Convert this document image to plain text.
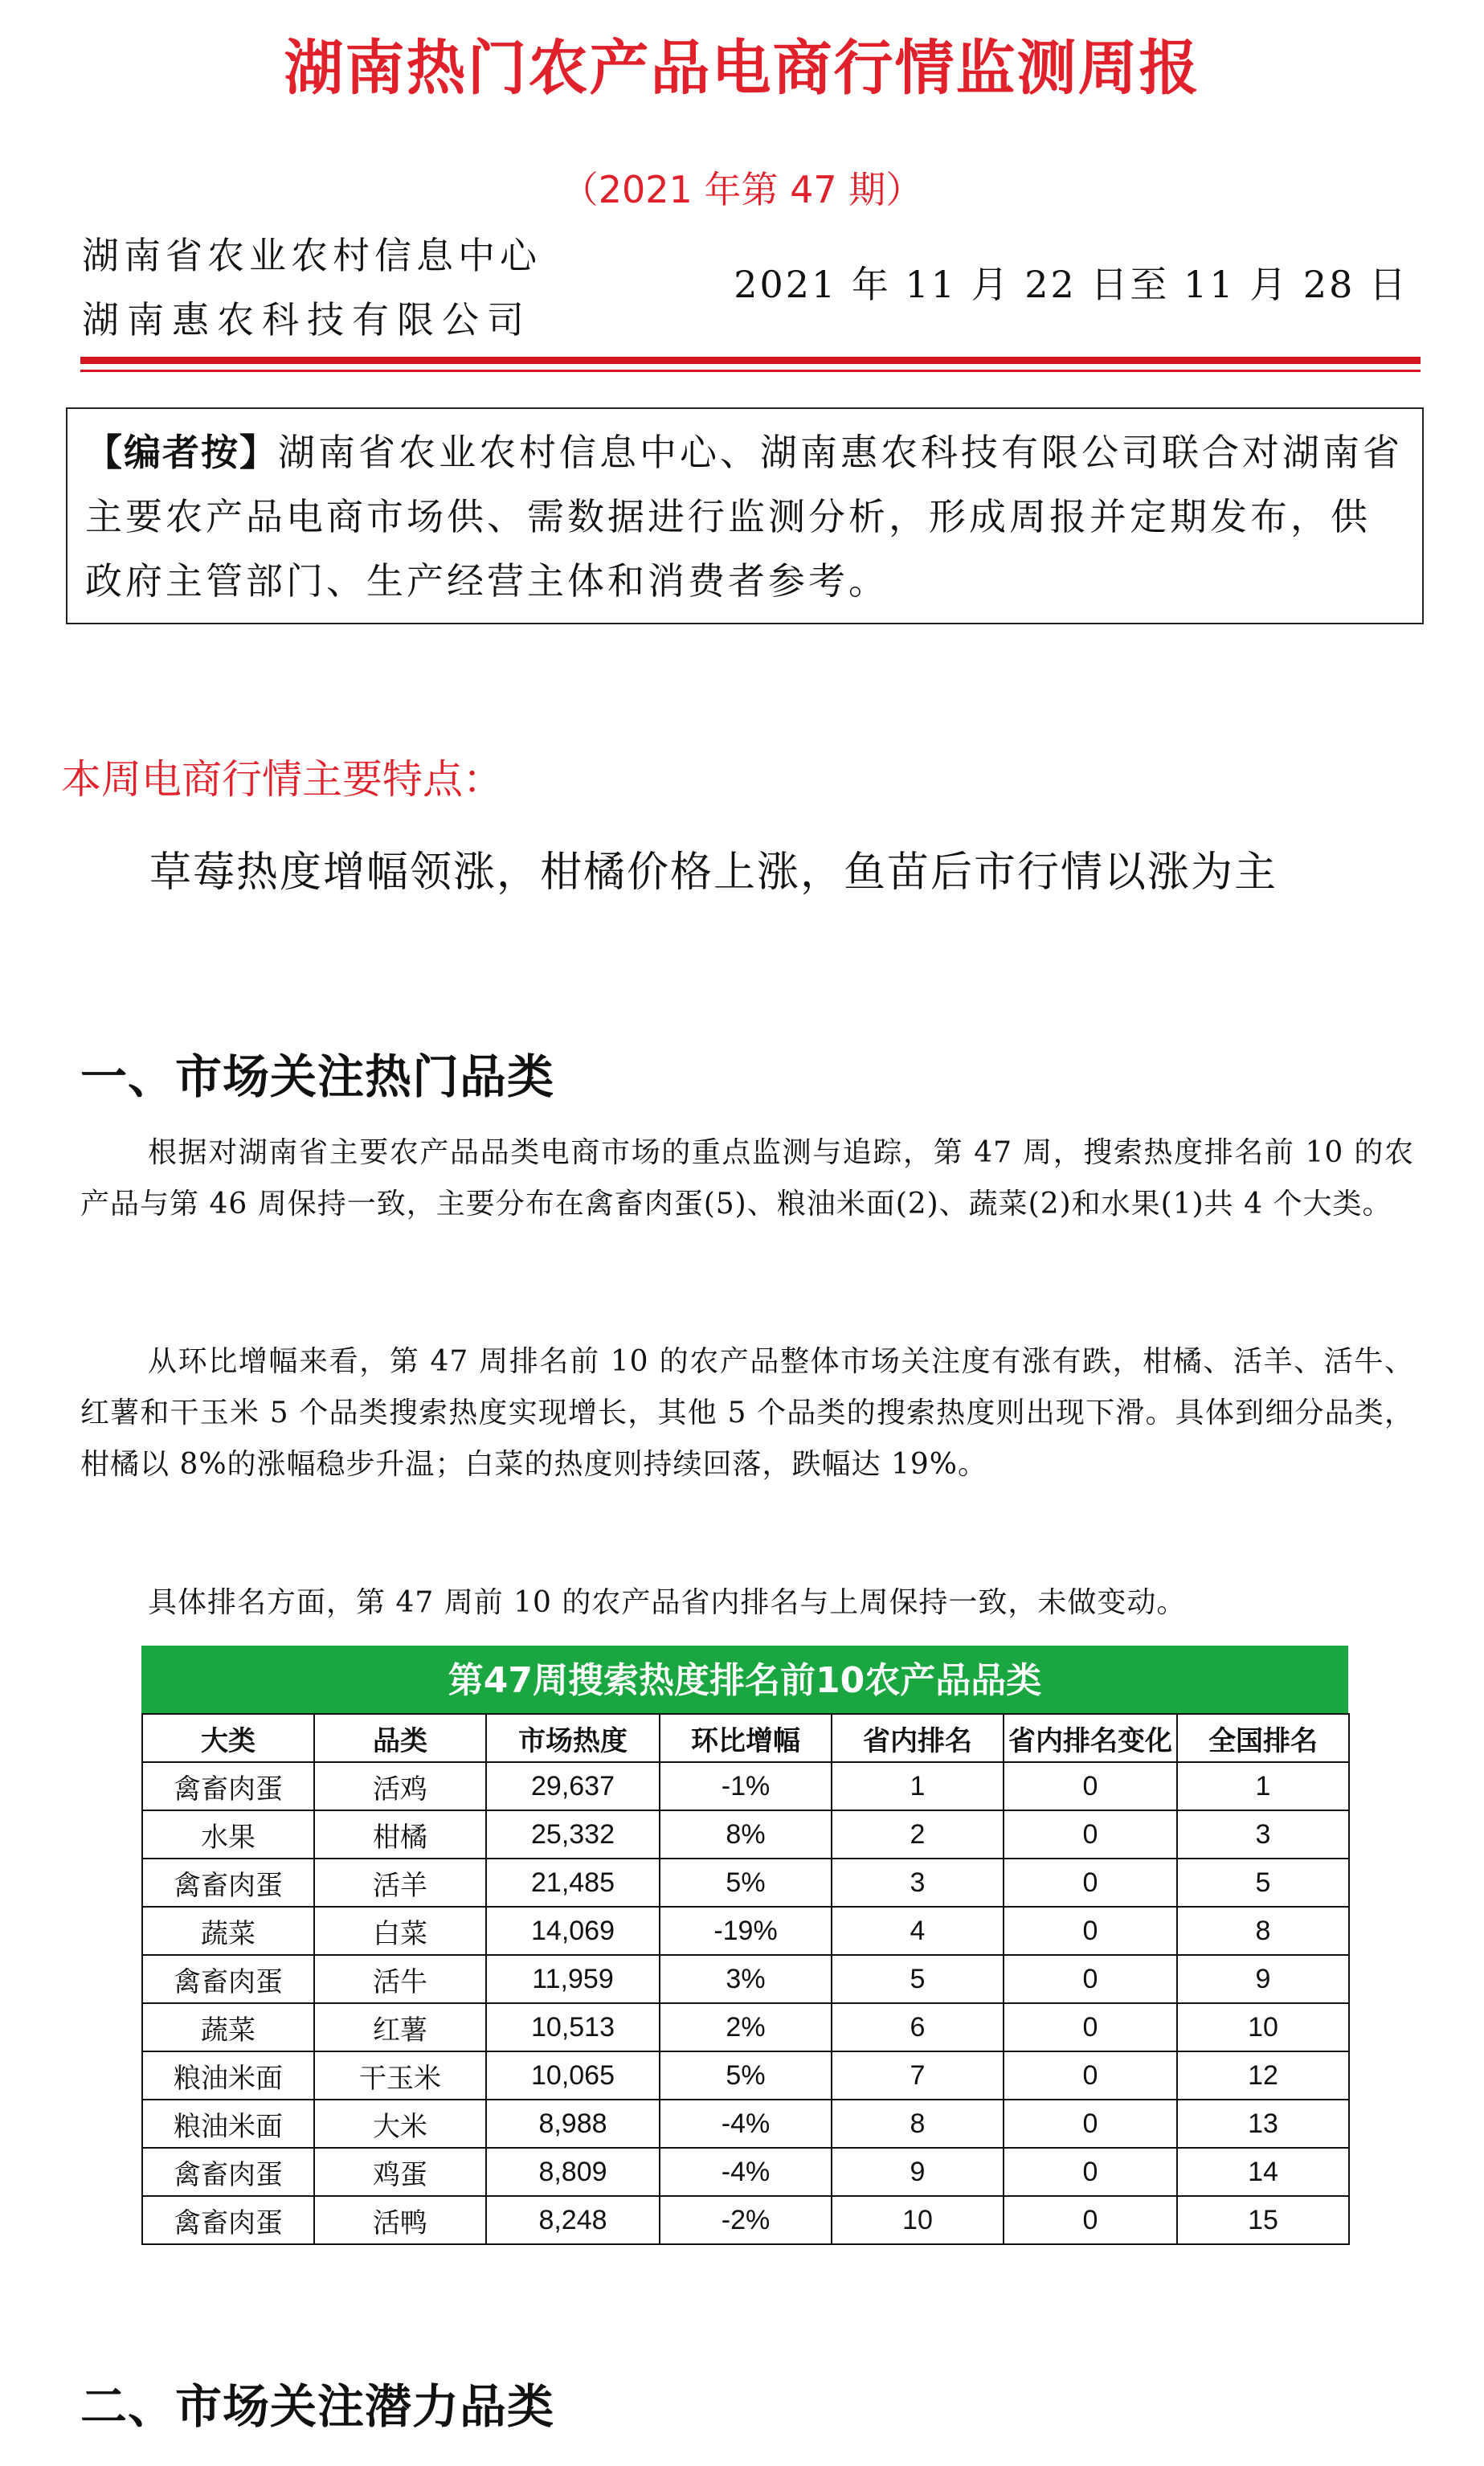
湖南热门农产品电商行情监测周报

（2021 年第 47 期）

湖南省农业农村信息中心

湖南惠农科技有限公司

2021 年 11 月 22 日至 11 月 28 日

【编者按】湖南省农业农村信息中心、湖南惠农科技有限公司联合对湖南省主要农产品电商市场供、需数据进行监测分析，形成周报并定期发布，供政府主管部门、生产经营主体和消费者参考。
本周电商行情主要特点：

草莓热度增幅领涨，柑橘价格上涨，鱼苗后市行情以涨为主

一、市场关注热门品类

根据对湖南省主要农产品品类电商市场的重点监测与追踪，第 47 周，搜索热度排名前 10 的农产品与第 46 周保持一致，主要分布在禽畜肉蛋(5)、粮油米面(2)、蔬菜(2)和水果(1)共 4 个大类。

从环比增幅来看，第 47 周排名前 10 的农产品整体市场关注度有涨有跌，柑橘、活羊、活牛、红薯和干玉米 5 个品类搜索热度实现增长，其他 5 个品类的搜索热度则出现下滑。具体到细分品类，柑橘以 8%的涨幅稳步升温；白菜的热度则持续回落，跌幅达 19%。

具体排名方面，第 47 周前 10 的农产品省内排名与上周保持一致，未做变动。

第47周搜索热度排名前10农产品品类
大类	品类	市场热度	环比增幅	省内排名	省内排名变化	全国排名
禽畜肉蛋	活鸡	29,637	-1%	1	0	1
水果	柑橘	25,332	8%	2	0	3
禽畜肉蛋	活羊	21,485	5%	3	0	5
蔬菜	白菜	14,069	-19%	4	0	8
禽畜肉蛋	活牛	11,959	3%	5	0	9
蔬菜	红薯	10,513	2%	6	0	10
粮油米面	干玉米	10,065	5%	7	0	12
粮油米面	大米	8,988	-4%	8	0	13
禽畜肉蛋	鸡蛋	8,809	-4%	9	0	14
禽畜肉蛋	活鸭	8,248	-2%	10	0	15
二、市场关注潜力品类
